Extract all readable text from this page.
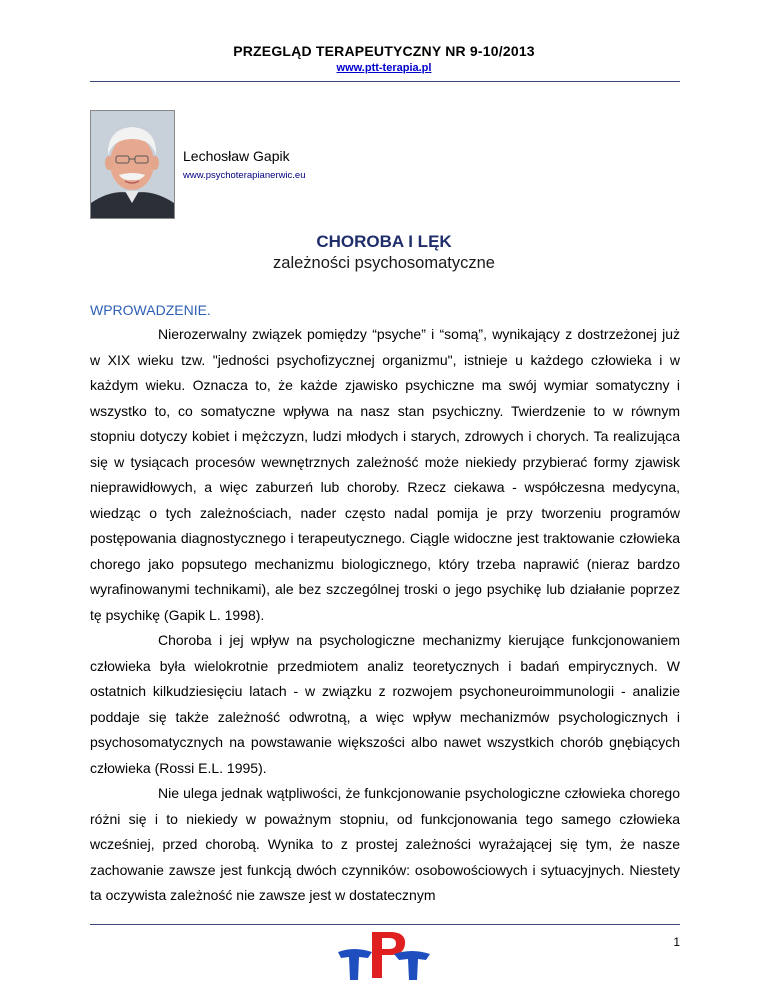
PRZEGLĄD TERAPEUTYCZNY NR 9-10/2013
www.ptt-terapia.pl
Lechosław Gapik
www.psychoterapianerwic.eu
CHOROBA I LĘK
zależności psychosomatyczne
WPROWADZENIE.

Nierozerwalny związek pomiędzy “psyche” i “somą”, wynikający z dostrzeżonej już w XIX wieku tzw. "jedności psychofizycznej organizmu", istnieje u każdego człowieka i w każdym wieku. Oznacza to, że każde zjawisko psychiczne ma swój wymiar somatyczny i wszystko to, co somatyczne wpływa na nasz stan psychiczny. Twierdzenie to w równym stopniu dotyczy kobiet i mężczyzn, ludzi młodych i starych, zdrowych i chorych. Ta realizująca się w tysiącach procesów wewnętrznych zależność może niekiedy przybierać formy zjawisk nieprawidłowych, a więc zaburzeń lub choroby. Rzecz ciekawa - współczesna medycyna, wiedząc o tych zależnościach, nader często nadal pomija je przy tworzeniu programów postępowania diagnostycznego i terapeutycznego. Ciągle widoczne jest traktowanie człowieka chorego jako popsutego mechanizmu biologicznego, który trzeba naprawić (nieraz bardzo wyrafinowanymi technikami), ale bez szczególnej troski o jego psychikę lub działanie poprzez tę psychikę (Gapik L. 1998).

Choroba i jej wpływ na psychologiczne mechanizmy kierujące funkcjonowaniem człowieka była wielokrotnie przedmiotem analiz teoretycznych i badań empirycznych. W ostatnich kilkudziesięciu latach - w związku z rozwojem psychoneuroimmunologii - analizie poddaje się także zależność odwrotną, a więc wpływ mechanizmów psychologicznych i psychosomatycznych na powstawanie większości albo nawet wszystkich chorób gnębiących człowieka (Rossi E.L. 1995).

Nie ulega jednak wątpliwości, że funkcjonowanie psychologiczne człowieka chorego różni się i to niekiedy w poważnym stopniu, od funkcjonowania tego samego człowieka wcześniej, przed chorobą. Wynika to z prostej zależności wyrażającej się tym, że nasze zachowanie zawsze jest funkcją dwóch czynników: osobowościowych i sytuacyjnych. Niestety ta oczywista zależność nie zawsze jest w dostatecznym

1
